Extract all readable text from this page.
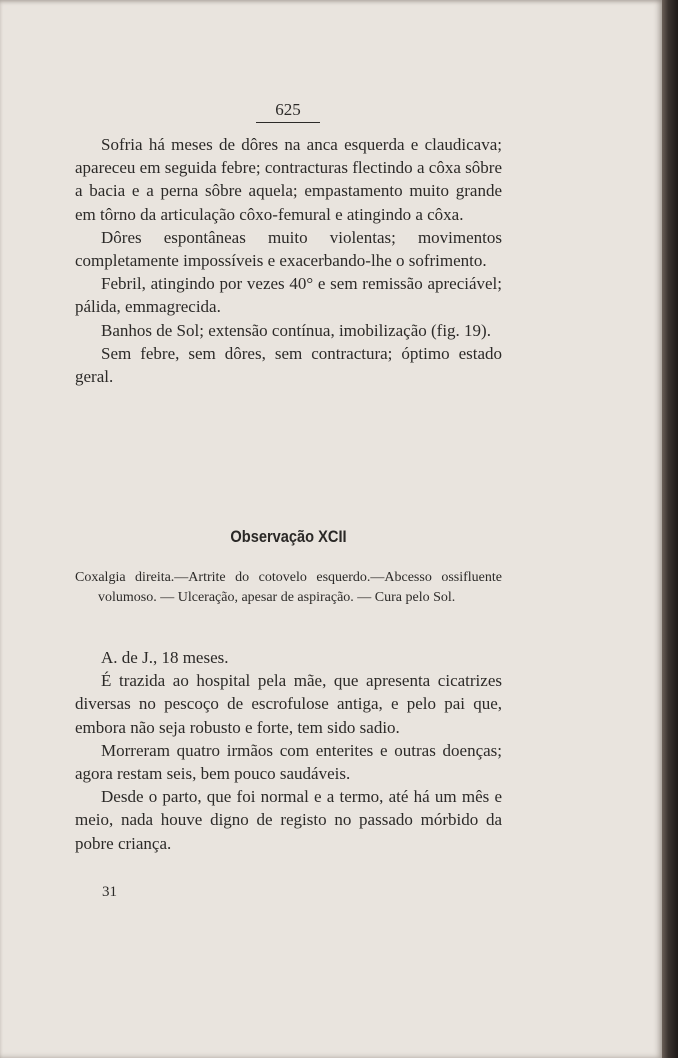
625

Sofria há meses de dôres na anca esquerda e claudicava; apareceu em seguida febre; contracturas flectindo a côxa sôbre a bacia e a perna sôbre aquela; empastamento muito grande em tôrno da articulação côxo-femural e atingindo a côxa.

Dôres espontâneas muito violentas; movimentos completamente impossíveis e exacerbando-lhe o sofrimento.

Febril, atingindo por vezes 40° e sem remissão apreciável; pálida, emmagrecida.

Banhos de Sol; extensão contínua, imobilização (fig. 19).

Sem febre, sem dôres, sem contractura; óptimo estado geral.

Observação XCII
Coxalgia direita.—Artrite do cotovelo esquerdo.—Abcesso ossifluente volumoso. — Ulceração, apesar de aspiração. — Cura pelo Sol.

A. de J., 18 meses.

É trazida ao hospital pela mãe, que apresenta cicatrizes diversas no pescoço de escrofulose antiga, e pelo pai que, embora não seja robusto e forte, tem sido sadio.

Morreram quatro irmãos com enterites e outras doenças; agora restam seis, bem pouco saudáveis.

Desde o parto, que foi normal e a termo, até há um mês e meio, nada houve digno de registo no passado mórbido da pobre criança.

31
